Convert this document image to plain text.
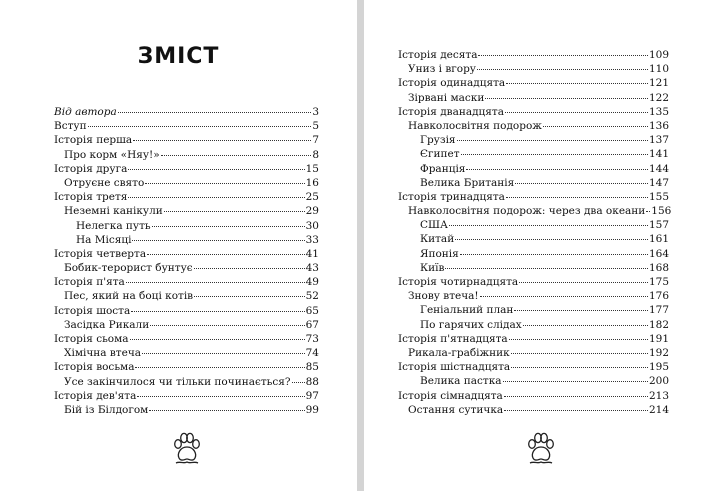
ЗМІСТ
Від автора	3
Вступ	5
Історія перша	7
Про корм «Няу!»	8
Історія друга	15
Отруєне свято	16
Історія третя	25
Неземні канікули	29
Нелегка путь	30
На Місяці	33
Історія четверта	41
Бобик-терорист бунтує	43
Історія п'ята	49
Пес, який на боці котів	52
Історія шоста	65
Засідка Рикали	67
Історія сьома	73
Хімічна втеча	74
Історія восьма	85
Усе закінчилося чи тільки починається? 88
Історія дев'ята	97
Бій із Білдогом	99
Історія десята	109
Униз і вгору	110
Історія одинадцята	121
Зірвані маски	122
Історія дванадцята	135
Навколосвітня подорож	136
Грузія	137
Єгипет	141
Франція	144
Велика Британія	147
Історія тринадцята	155
Навколосвітня подорож: через два океани 156
США	157
Китай	161
Японія	164
Київ	168
Історія чотирнадцята	175
Знову втеча!	176
Геніальний план	177
По гарячих слідах	182
Історія п'ятнадцята	191
Рикала-грабіжник	192
Історія шістнадцята	195
Велика пастка	200
Історія сімнадцята	213
Остання сутичка	214
